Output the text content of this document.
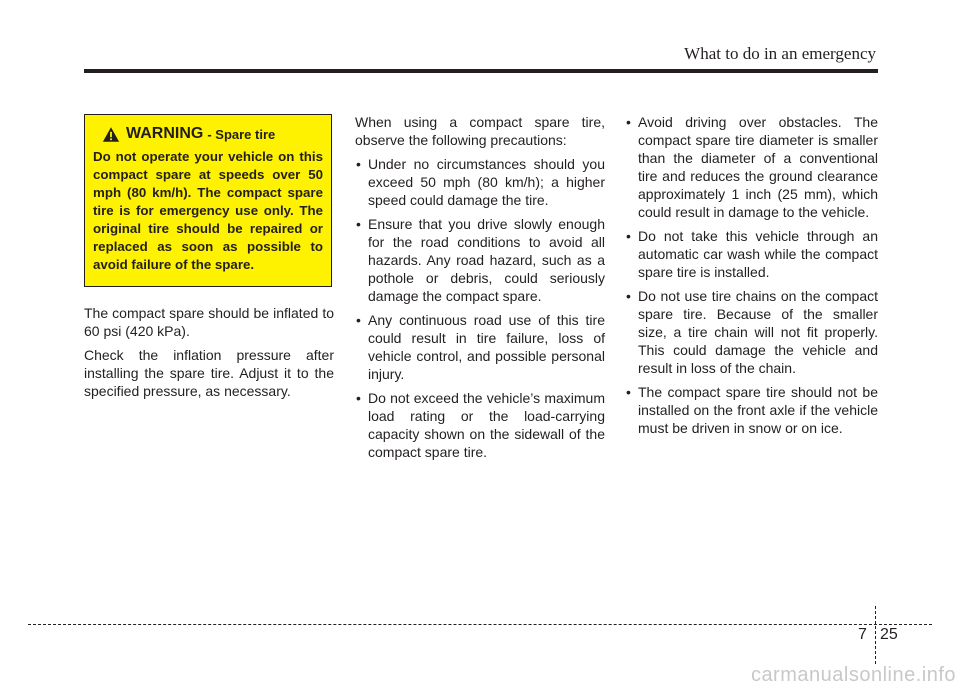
What to do in an emergency
WARNING - Spare tire
Do not operate your vehicle on this compact spare at speeds over 50 mph (80 km/h). The compact spare tire is for emergency use only. The original tire should be repaired or replaced as soon as possible to avoid failure of the spare.

The compact spare should be inflated to 60 psi (420 kPa).

Check the inflation pressure after installing the spare tire. Adjust it to the specified pressure, as necessary.

When using a compact spare tire, observe the following precautions:

• Under no circumstances should you exceed 50 mph (80 km/h); a higher speed could damage the tire.
• Ensure that you drive slowly enough for the road conditions to avoid all hazards. Any road hazard, such as a pothole or debris, could seriously damage the compact spare.
• Any continuous road use of this tire could result in tire failure, loss of vehicle control, and possible personal injury.
• Do not exceed the vehicle’s maximum load rating or the load-carrying capacity shown on the sidewall of the compact spare tire.
• Avoid driving over obstacles. The compact spare tire diameter is smaller than the diameter of a conventional tire and reduces the ground clearance approximately 1 inch (25 mm), which could result in damage to the vehicle.
• Do not take this vehicle through an automatic car wash while the compact spare tire is installed.
• Do not use tire chains on the compact spare tire. Because of the smaller size, a tire chain will not fit properly. This could damage the vehicle and result in loss of the chain.
• The compact spare tire should not be installed on the front axle if the vehicle must be driven in snow or on ice.
7 25
carmanualsonline.info
